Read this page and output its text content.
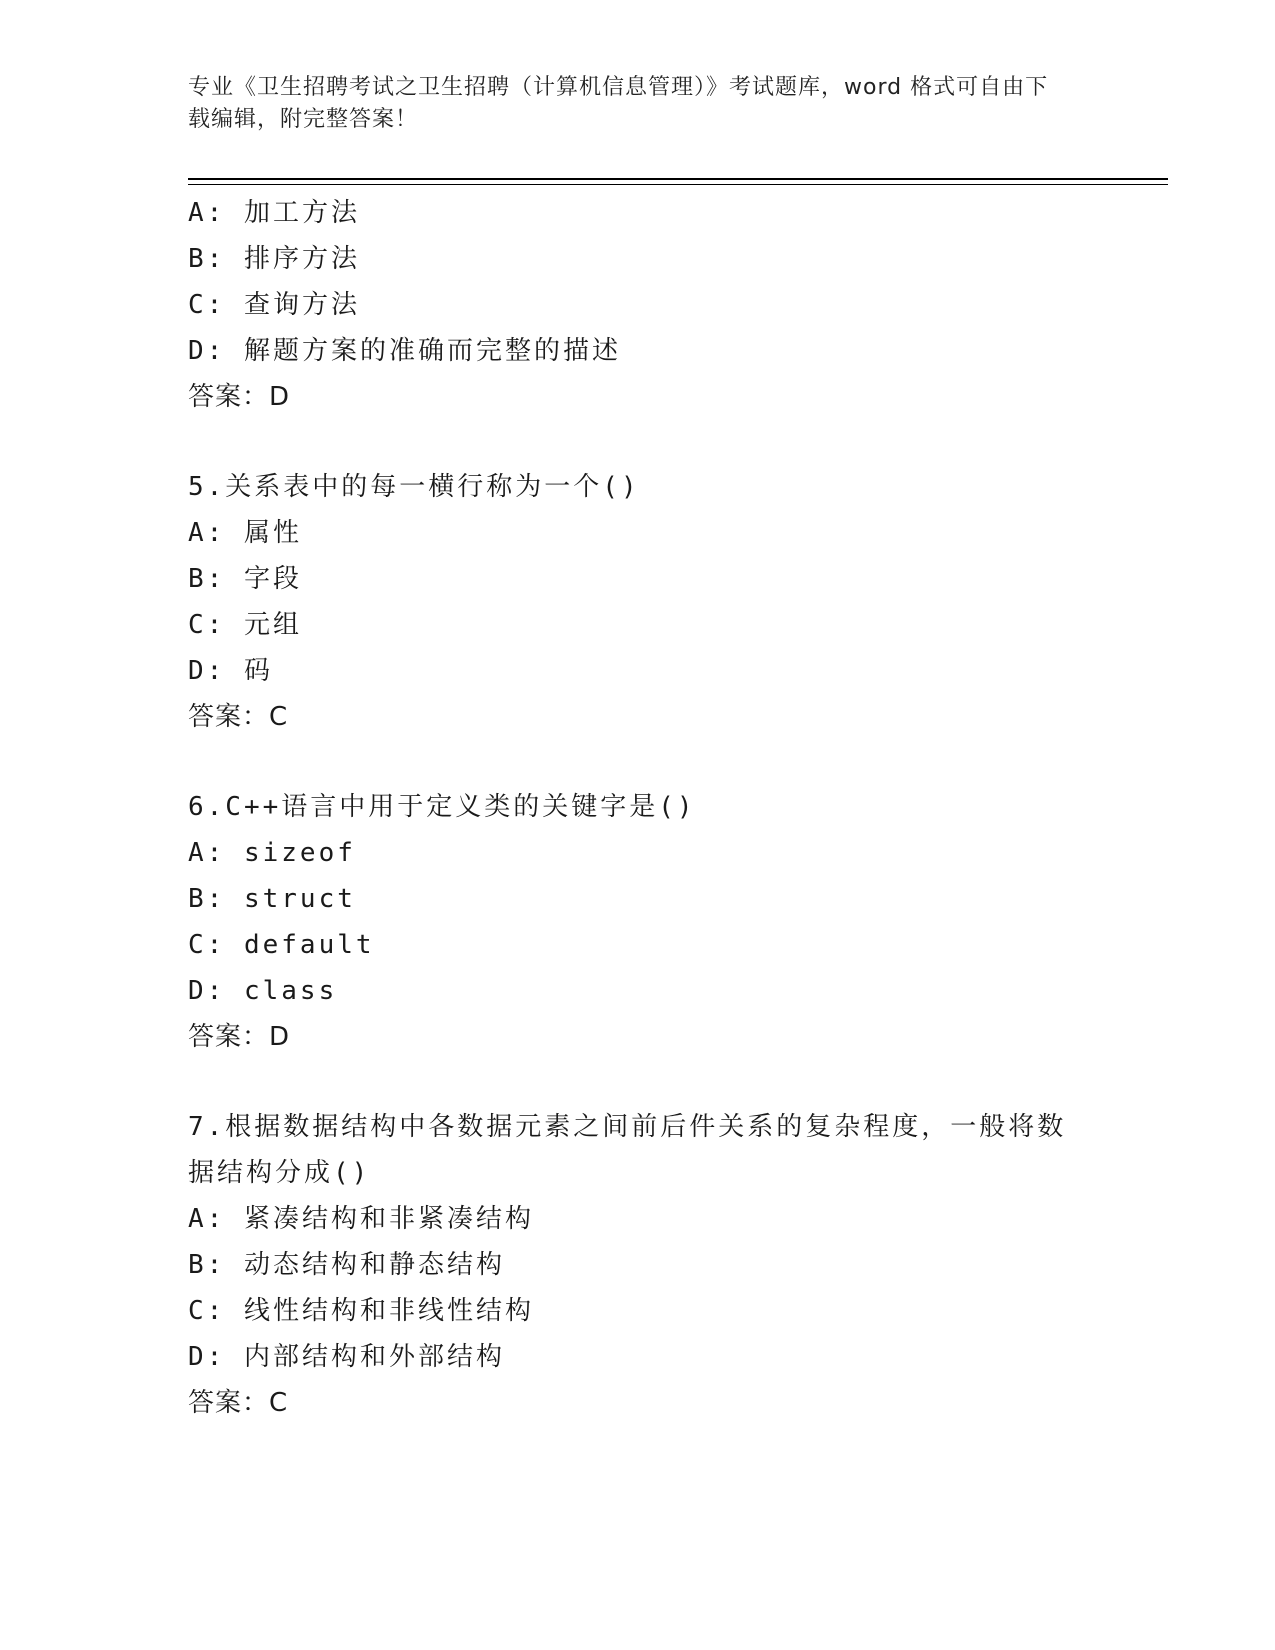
专业《卫生招聘考试之卫生招聘（计算机信息管理）》考试题库，word 格式可自由下载编辑，附完整答案！
A: 加工方法
B: 排序方法
C: 查询方法
D: 解题方案的准确而完整的描述
答案：D
5.关系表中的每一横行称为一个()
A: 属性
B: 字段
C: 元组
D: 码
答案：C
6.C++语言中用于定义类的关键字是()
A: sizeof
B: struct
C: default
D: class
答案：D
7.根据数据结构中各数据元素之间前后件关系的复杂程度，一般将数据结构分成()
A: 紧凑结构和非紧凑结构
B: 动态结构和静态结构
C: 线性结构和非线性结构
D: 内部结构和外部结构
答案：C
